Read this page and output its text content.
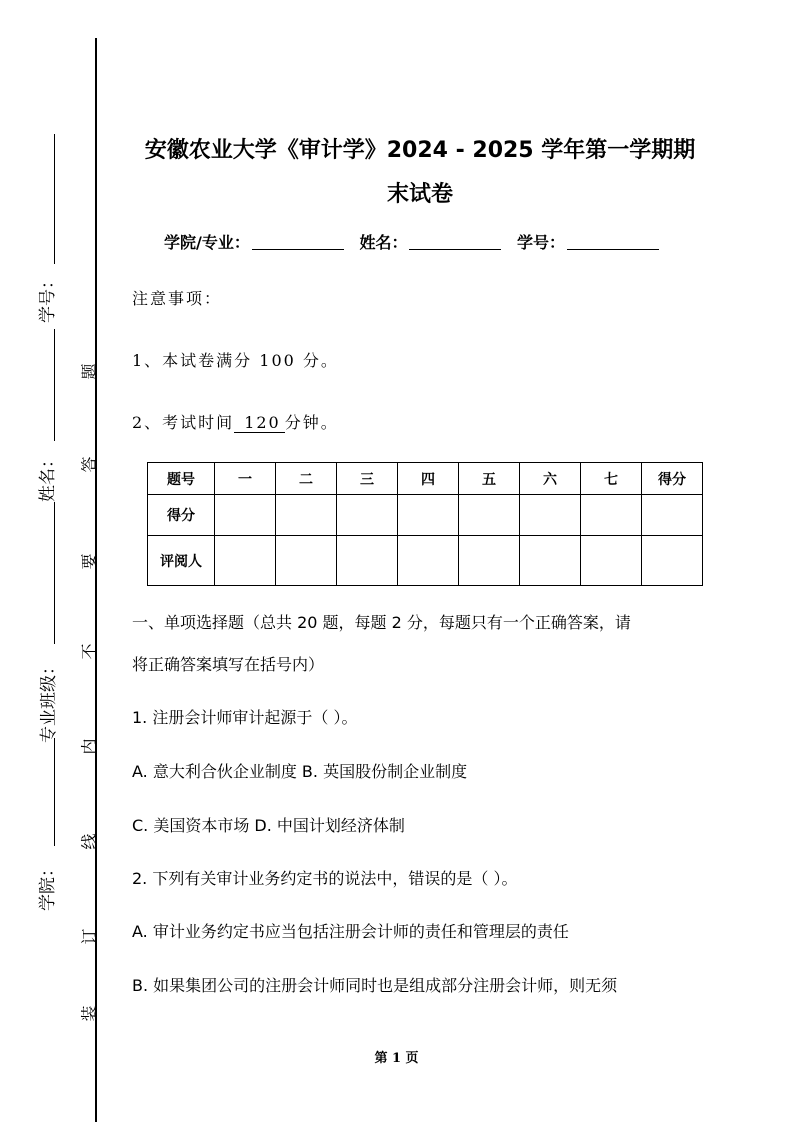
学号：
姓名：
专业班级：
学院：
题
答
要
不
内
线
订
装
安徽农业大学《审计学》2024 - 2025 学年第一学期期
末试卷
学院/专业：	姓名：	学号：
注意事项：
1、本试卷满分 100 分。
2、考试时间 120 分钟。
题号	一	二	三	四	五	六	七	得分
得分								
评阅人								
一、单项选择题（总共 20 题，每题 2 分，每题只有一个正确答案，请
将正确答案填写在括号内）
1. 注册会计师审计起源于（ ）。
A. 意大利合伙企业制度 B. 英国股份制企业制度
C. 美国资本市场 D. 中国计划经济体制
2. 下列有关审计业务约定书的说法中，错误的是（ ）。
A. 审计业务约定书应当包括注册会计师的责任和管理层的责任
B. 如果集团公司的注册会计师同时也是组成部分注册会计师，则无须
第 1 页
